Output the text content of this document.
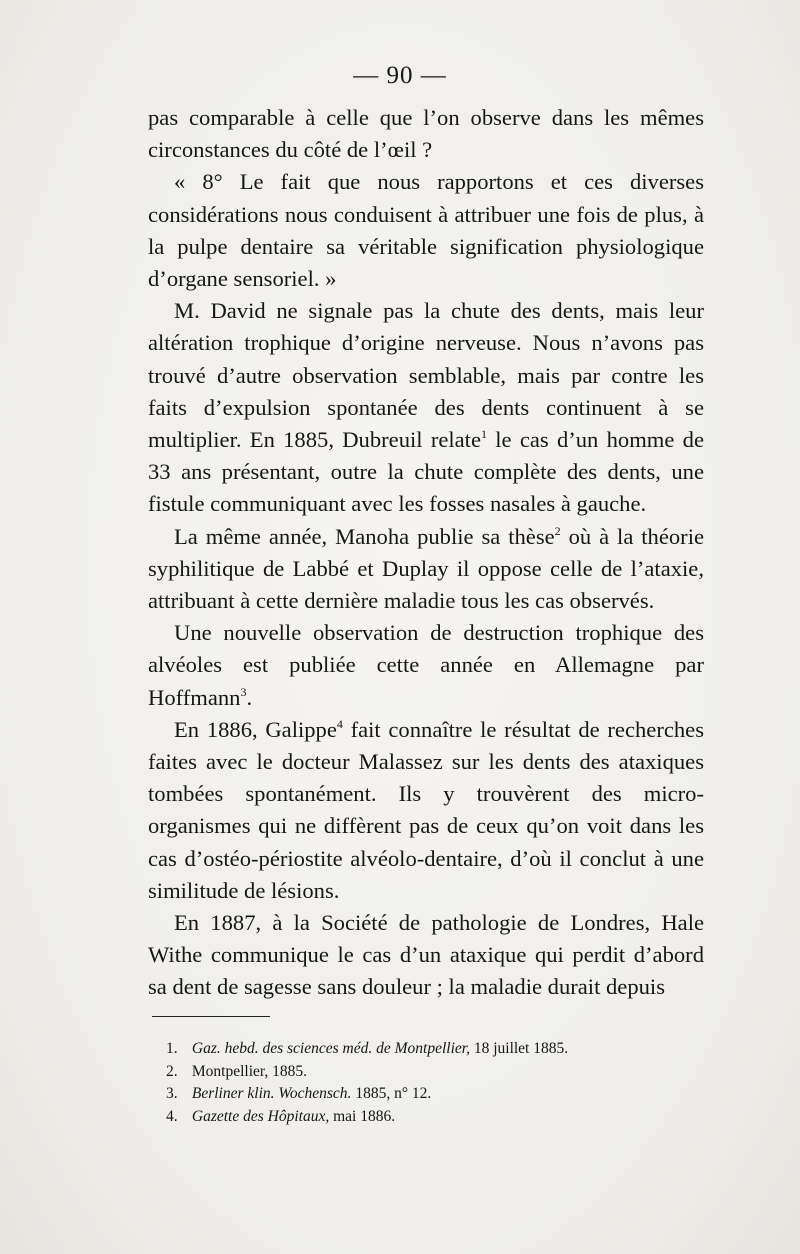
— 90 —

pas comparable à celle que l’on observe dans les mêmes circonstances du côté de l’œil ?

« 8° Le fait que nous rapportons et ces diverses considérations nous conduisent à attribuer une fois de plus, à la pulpe dentaire sa véritable signification physiologique d’organe sensoriel. »

M. David ne signale pas la chute des dents, mais leur altération trophique d’origine nerveuse. Nous n’avons pas trouvé d’autre observation semblable, mais par contre les faits d’expulsion spontanée des dents continuent à se multiplier. En 1885, Dubreuil relate$^1$ le cas d’un homme de 33 ans présentant, outre la chute complète des dents, une fistule communiquant avec les fosses nasales à gauche.

La même année, Manoha publie sa thèse$^2$ où à la théorie syphilitique de Labbé et Duplay il oppose celle de l’ataxie, attribuant à cette dernière maladie tous les cas observés.

Une nouvelle observation de destruction trophique des alvéoles est publiée cette année en Allemagne par Hoffmann$^3$.

En 1886, Galippe$^4$ fait connaître le résultat de recherches faites avec le docteur Malassez sur les dents des ataxiques tombées spontanément. Ils y trouvèrent des micro-organismes qui ne diffèrent pas de ceux qu’on voit dans les cas d’ostéo-périostite alvéolo-dentaire, d’où il conclut à une similitude de lésions.

En 1887, à la Société de pathologie de Londres, Hale Withe communique le cas d’un ataxique qui perdit d’abord sa dent de sagesse sans douleur ; la maladie durait depuis

1. Gaz. hebd. des sciences méd. de Montpellier, 18 juillet 1885.
2. Montpellier, 1885.
3. Berliner klin. Wochensch. 1885, n° 12.
4. Gazette des Hôpitaux, mai 1886.
